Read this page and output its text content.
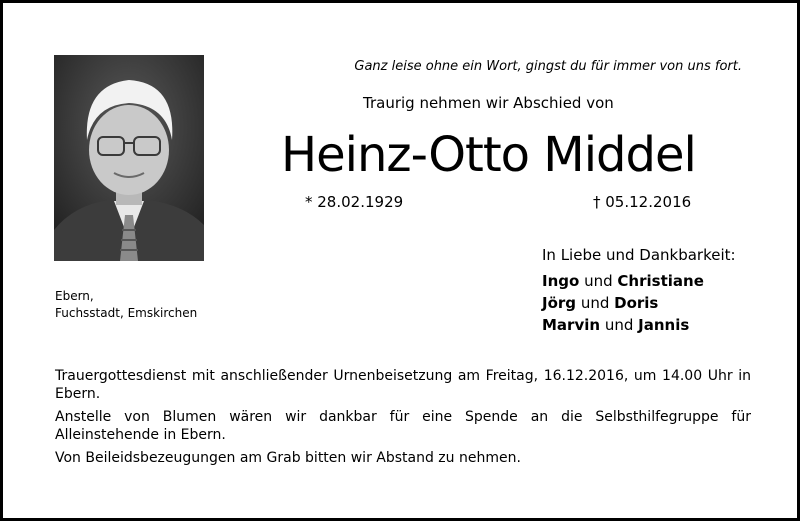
Ganz leise ohne ein Wort, gingst du für immer von uns fort.
Traurig nehmen wir Abschied von
Heinz-Otto Middel
* 28.02.1929	† 05.12.2016
Ebern,
Fuchsstadt, Emskirchen
In Liebe und Dankbarkeit:
Ingo und Christiane
Jörg und Doris
Marvin und Jannis

Trauergottesdienst mit anschließender Urnenbeisetzung am Freitag, 16.12.2016, um 14.00 Uhr in Ebern.

Anstelle von Blumen wären wir dankbar für eine Spende an die Selbsthilfegruppe für Alleinstehende in Ebern.

Von Beileidsbezeugungen am Grab bitten wir Abstand zu nehmen.
